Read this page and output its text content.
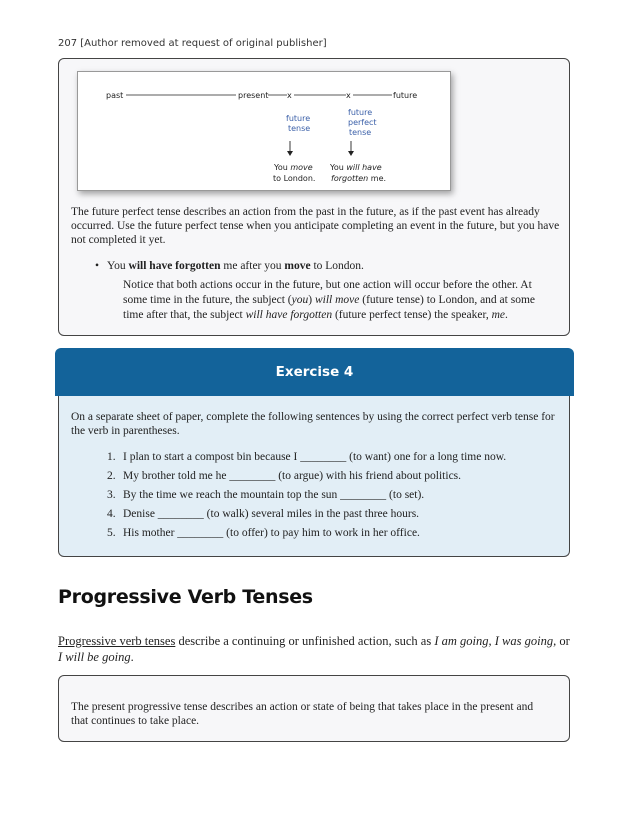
207 [Author removed at request of original publisher]
past	present x	x	future
future
tense
future
perfect
tense
You move
to London.
You will have
forgotten me.

The future perfect tense describes an action from the past in the future, as if the past event has already occurred. Use the future perfect tense when you anticipate completing an event in the future, but you have not completed it yet.

• You will have forgotten me after you move to London.

Notice that both actions occur in the future, but one action will occur before the other. At some time in the future, the subject (you) will move (future tense) to London, and at some time after that, the subject will have forgotten (future perfect tense) the speaker, me.

Exercise 4

On a separate sheet of paper, complete the following sentences by using the correct perfect verb tense for the verb in parentheses.

1. I plan to start a compost bin because I ________ (to want) one for a long time now.
2. My brother told me he ________ (to argue) with his friend about politics.
3. By the time we reach the mountain top the sun ________ (to set).
4. Denise ________ (to walk) several miles in the past three hours.
5. His mother ________ (to offer) to pay him to work in her office.
Progressive Verb Tenses

Progressive verb tenses describe a continuing or unfinished action, such as I am going, I was going, or I will be going.

The present progressive tense describes an action or state of being that takes place in the present and that continues to take place.
